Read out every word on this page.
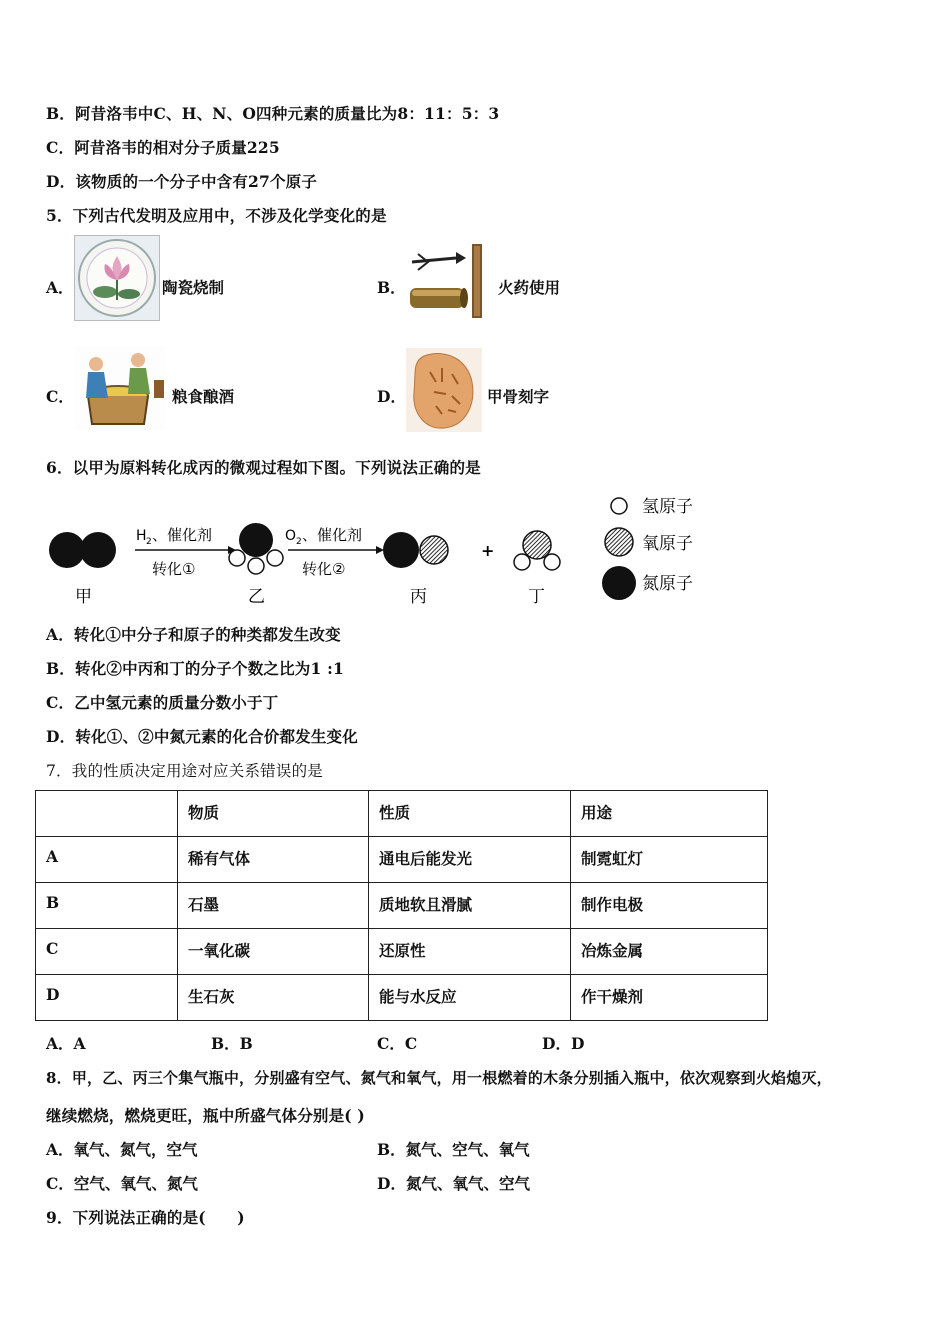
B．阿昔洛韦中C、H、N、O四种元素的质量比为8：11：5：3
C．阿昔洛韦的相对分子质量225
D．该物质的一个分子中含有27个原子
5．下列古代发明及应用中，不涉及化学变化的是
A．	陶瓷烧制	B．	火药使用
C．	粮食酿酒	D．	甲骨刻字
6．以甲为原料转化成丙的微观过程如下图。下列说法正确的是
甲
H 2 、催化剂
转化①
乙
O 2 、催化剂
转化②
丙
+
丁
氢原子
氧原子
氮原子
A．转化①中分子和原子的种类都发生改变
B．转化②中丙和丁的分子个数之比为1 :1
C．乙中氢元素的质量分数小于丁
D．转化①、②中氮元素的化合价都发生变化
7．我的性质决定用途对应关系错误的是
	物质	性质	用途
A	稀有气体	通电后能发光	制霓虹灯
B	石墨	质地软且滑腻	制作电极
C	一氧化碳	还原性	冶炼金属
D	生石灰	能与水反应	作干燥剂
A．A	B．B	C．C	D．D
8．甲，乙、丙三个集气瓶中，分别盛有空气、氮气和氧气，用一根燃着的木条分别插入瓶中，依次观察到火焰熄灭，
继续燃烧，燃烧更旺，瓶中所盛气体分别是( )
A．氧气、氮气，空气	B．氮气、空气、氧气
C．空气、氧气、氮气	D．氮气、氧气、空气
9．下列说法正确的是(　　)
